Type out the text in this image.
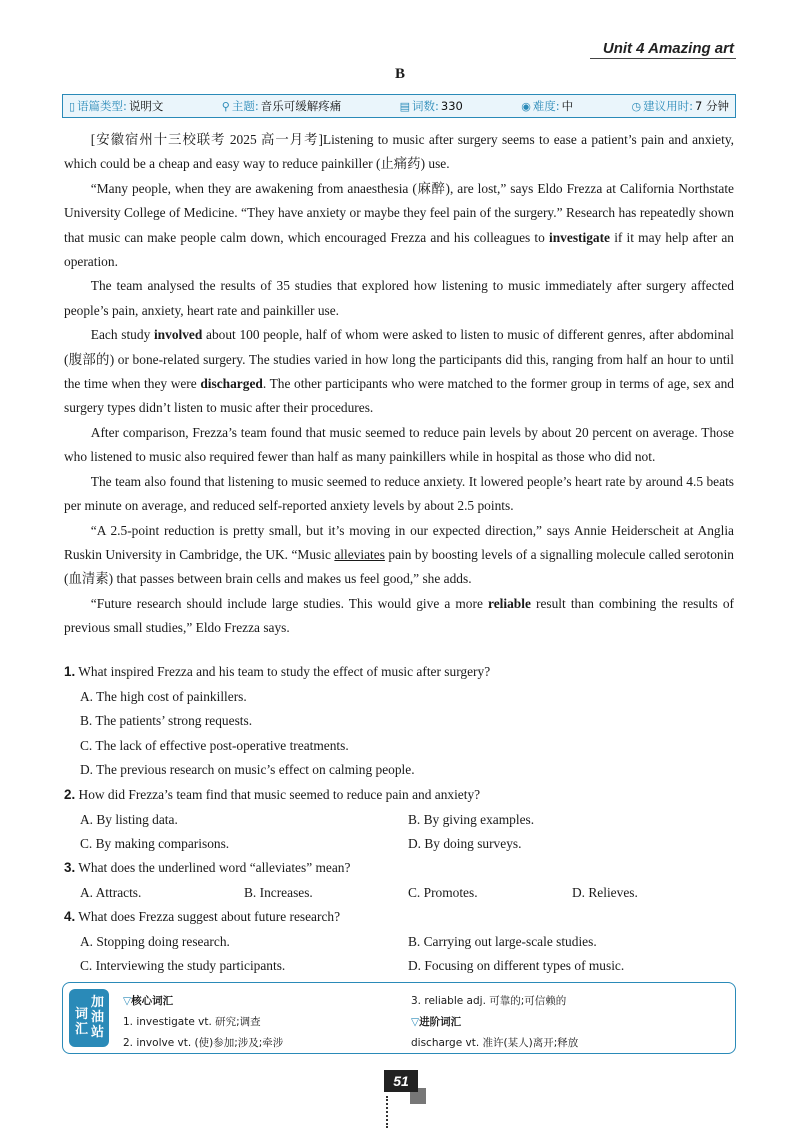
Unit 4 Amazing art
B
▯ 语篇类型: 说明文	⚲ 主题: 音乐可缓解疼痛	▤ 词数: 330	◉ 难度: 中	◷ 建议用时: 7 分钟

[安徽宿州十三校联考 2025 高一月考]Listening to music after surgery seems to ease a patient’s pain and anxiety, which could be a cheap and easy way to reduce painkiller (止痛药) use.

“Many people, when they are awakening from anaesthesia (麻醉), are lost,” says Eldo Frezza at California Northstate University College of Medicine. “They have anxiety or maybe they feel pain of the surgery.” Research has repeatedly shown that music can make people calm down, which encouraged Frezza and his colleagues to investigate if it may help after an operation.

The team analysed the results of 35 studies that explored how listening to music immediately after surgery affected people’s pain, anxiety, heart rate and painkiller use.

Each study involved about 100 people, half of whom were asked to listen to music of different genres, after abdominal (腹部的) or bone-related surgery. The studies varied in how long the participants did this, ranging from half an hour to until the time when they were discharged. The other participants who were matched to the former group in terms of age, sex and surgery types didn’t listen to music after their procedures.

After comparison, Frezza’s team found that music seemed to reduce pain levels by about 20 percent on average. Those who listened to music also required fewer than half as many painkillers while in hospital as those who did not.

The team also found that listening to music seemed to reduce anxiety. It lowered people’s heart rate by around 4.5 beats per minute on average, and reduced self-reported anxiety levels by about 2.5 points.

“A 2.5-point reduction is pretty small, but it’s moving in our expected direction,” says Annie Heiderscheit at Anglia Ruskin University in Cambridge, the UK. “Music alleviates pain by boosting levels of a signalling molecule called serotonin (血清素) that passes between brain cells and makes us feel good,” she adds.

“Future research should include large studies. This would give a more reliable result than combining the results of previous small studies,” Eldo Frezza says.

1. What inspired Frezza and his team to study the effect of music after surgery?

A. The high cost of painkillers.

B. The patients’ strong requests.

C. The lack of effective post-operative treatments.

D. The previous research on music’s effect on calming people.

2. How did Frezza’s team find that music seemed to reduce pain and anxiety?

A. By listing data.	B. By giving examples.
C. By making comparisons.	D. By doing surveys.

3. What does the underlined word “alleviates” mean?

A. Attracts.	B. Increases.	C. Promotes.	D. Relieves.

4. What does Frezza suggest about future research?

A. Stopping doing research.	B. Carrying out large-scale studies.
C. Interviewing the study participants.	D. Focusing on different types of music.
词汇
加油站

▽核心词汇

1. investigate vt. 研究;调查

2. involve vt. (使)参加;涉及;牵涉

3. reliable adj. 可靠的;可信赖的

▽进阶词汇

discharge vt. 准许(某人)离开;释放

51
